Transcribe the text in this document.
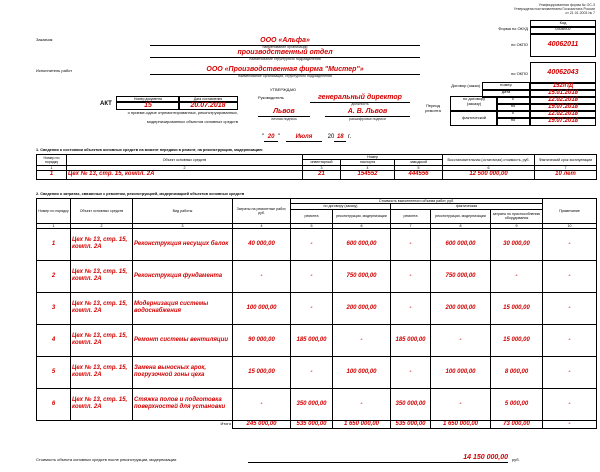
Унифицированная форма № ОС-3
Утверждена постановлением Госкомстата России
от 21.01.2003 № 7
Код
Форма по ОКУД	0306002
по ОКПО	40062011
по ОКПО	40062043
Договор (заказ)	номер	152/ПД
дата	15.01.2018
Период ремонта
по договору
(заказу)
фактический
с	12.02.2018
по	19.07.2018
с	12.02.2018
по	19.07.2018
Заказчик	ООО «Альфа»
наименование организации
производственный отдел
наименование структурного подразделения
Исполнитель работ	ООО «Производственная фирма "Мистер"»
наименование организации, структурного подразделения
УТВЕРЖДАЮ
Руководитель	генеральный директор
должность
Львов	А. В. Львов
личная подпись	расшифровка подписи
" 20 "	Июля	20 18 г.
Номер документа	Дата составления
АКТ	15	20.07.2018
о приеме-сдаче отремонтированных, реконструированных,
модернизированных объектов основных средств
1. Сведения о состоянии объектов основных средств на момент передачи в ремонт, на реконструкцию, модернизацию
Номер по порядку	Объект основных средств	Номер			Восстановительная (остаточная) стоимость, руб.	Фактический срок эксплуатации
		инвентарный	паспорта	заводской		
1	2	3	4	5	6	7
1	Цех № 13, стр. 15, компл. 2А	21	154552	444556	12 500 000,00	10 лет
2. Сведения о затратах, связанных с ремонтом, реконструкцией, модернизацией объектов основных средств
Номер по порядку	Объект основных средств	Вид работы	Затраты на ремонтные работ, руб.	Стоимость выполненного объема работ, руб.					Примечание
				по договору (заказу)		фактическая			
				ремонта	реконструкции, модернизации	ремонта	реконструкции, модернизации	затраты по приспособлению оборудования	
1	2	3	4	5	6	7	8	9	10
1	Цех № 13, стр. 15, компл. 2А	Реконструкция несущих балок	40 000,00	-	600 000,00	-	600 000,00	30 000,00	-
2	Цех № 13, стр. 15, компл. 2А	Реконструкция фундамента	-	-	750 000,00	-	750 000,00	-	-
3	Цех № 13, стр. 15, компл. 2А	Модернизация системы водоснабжения	100 000,00	-	200 000,00	-	200 000,00	15 000,00	-
4	Цех № 13, стр. 15, компл. 2А	Ремонт системы вентиляции	90 000,00	185 000,00	-	185 000,00	-	15 000,00	-
5	Цех № 13, стр. 15, компл. 2А	Замена выносных арок, погрузочной зоны цеха	15 000,00	-	100 000,00	-	100 000,00	8 000,00	-
6	Цех № 13, стр. 15, компл. 2А	Стяжка полов и подготовка поверхностей для установки	-	350 000,00	-	350 000,00	-	5 000,00	-
Итого			245 000,00	535 000,00	1 650 000,00	535 000,00	1 650 000,00	73 000,00	-
Стоимость объекта основных средств после реконструкции, модернизации	14 150 000,00 руб.
